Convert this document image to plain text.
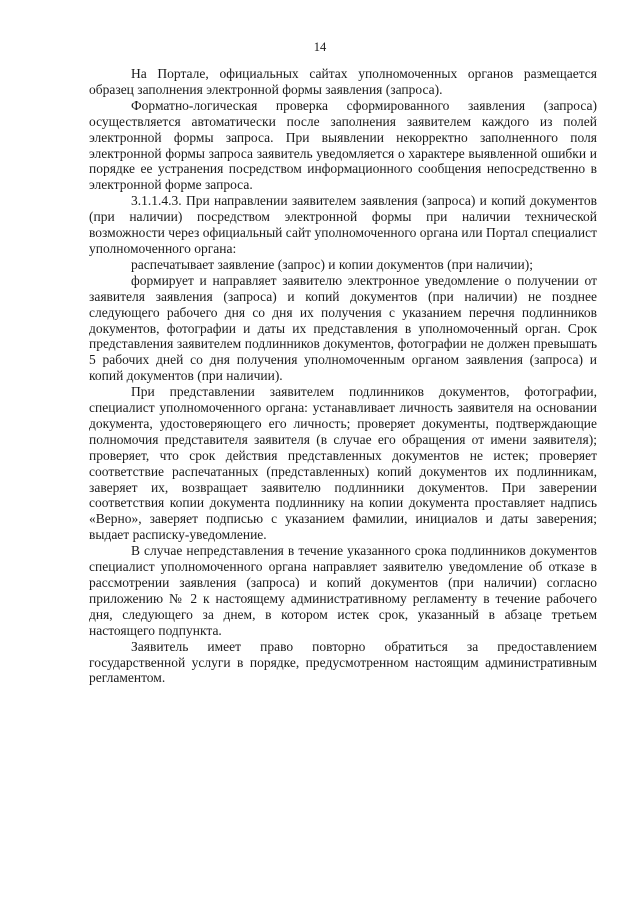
14

На Портале, официальных сайтах уполномоченных органов размещается образец заполнения электронной формы заявления (запроса).

Форматно-логическая проверка сформированного заявления (запроса) осуществляется автоматически после заполнения заявителем каждого из полей электронной формы запроса. При выявлении некорректно заполненного поля электронной формы запроса заявитель уведомляется о характере выявленной ошибки и порядке ее устранения посредством информационного сообщения непосредственно в электронной форме запроса.

3.1.1.4.3. При направлении заявителем заявления (запроса) и копий документов (при наличии) посредством электронной формы при наличии технической возможности через официальный сайт уполномоченного органа или Портал специалист уполномоченного органа:

распечатывает заявление (запрос) и копии документов (при наличии);

формирует и направляет заявителю электронное уведомление о получении от заявителя заявления (запроса) и копий документов (при наличии) не позднее следующего рабочего дня со дня их получения с указанием перечня подлинников документов, фотографии и даты их представления в уполномоченный орган. Срок представления заявителем подлинников документов, фотографии не должен превышать 5 рабочих дней со дня получения уполномоченным органом заявления (запроса) и копий документов (при наличии).

При представлении заявителем подлинников документов, фотографии, специалист уполномоченного органа: устанавливает личность заявителя на основании документа, удостоверяющего его личность; проверяет документы, подтверждающие полномочия представителя заявителя (в случае его обращения от имени заявителя); проверяет, что срок действия представленных документов не истек; проверяет соответствие распечатанных (представленных) копий документов их подлинникам, заверяет их, возвращает заявителю подлинники документов. При заверении соответствия копии документа подлиннику на копии документа проставляет надпись «Верно», заверяет подписью с указанием фамилии, инициалов и даты заверения; выдает расписку-уведомление.

В случае непредставления в течение указанного срока подлинников документов специалист уполномоченного органа направляет заявителю уведомление об отказе в рассмотрении заявления (запроса) и копий документов (при наличии) согласно приложению № 2 к настоящему административному регламенту в течение рабочего дня, следующего за днем, в котором истек срок, указанный в абзаце третьем настоящего подпункта.

Заявитель имеет право повторно обратиться за предоставлением государственной услуги в порядке, предусмотренном настоящим административным регламентом.
